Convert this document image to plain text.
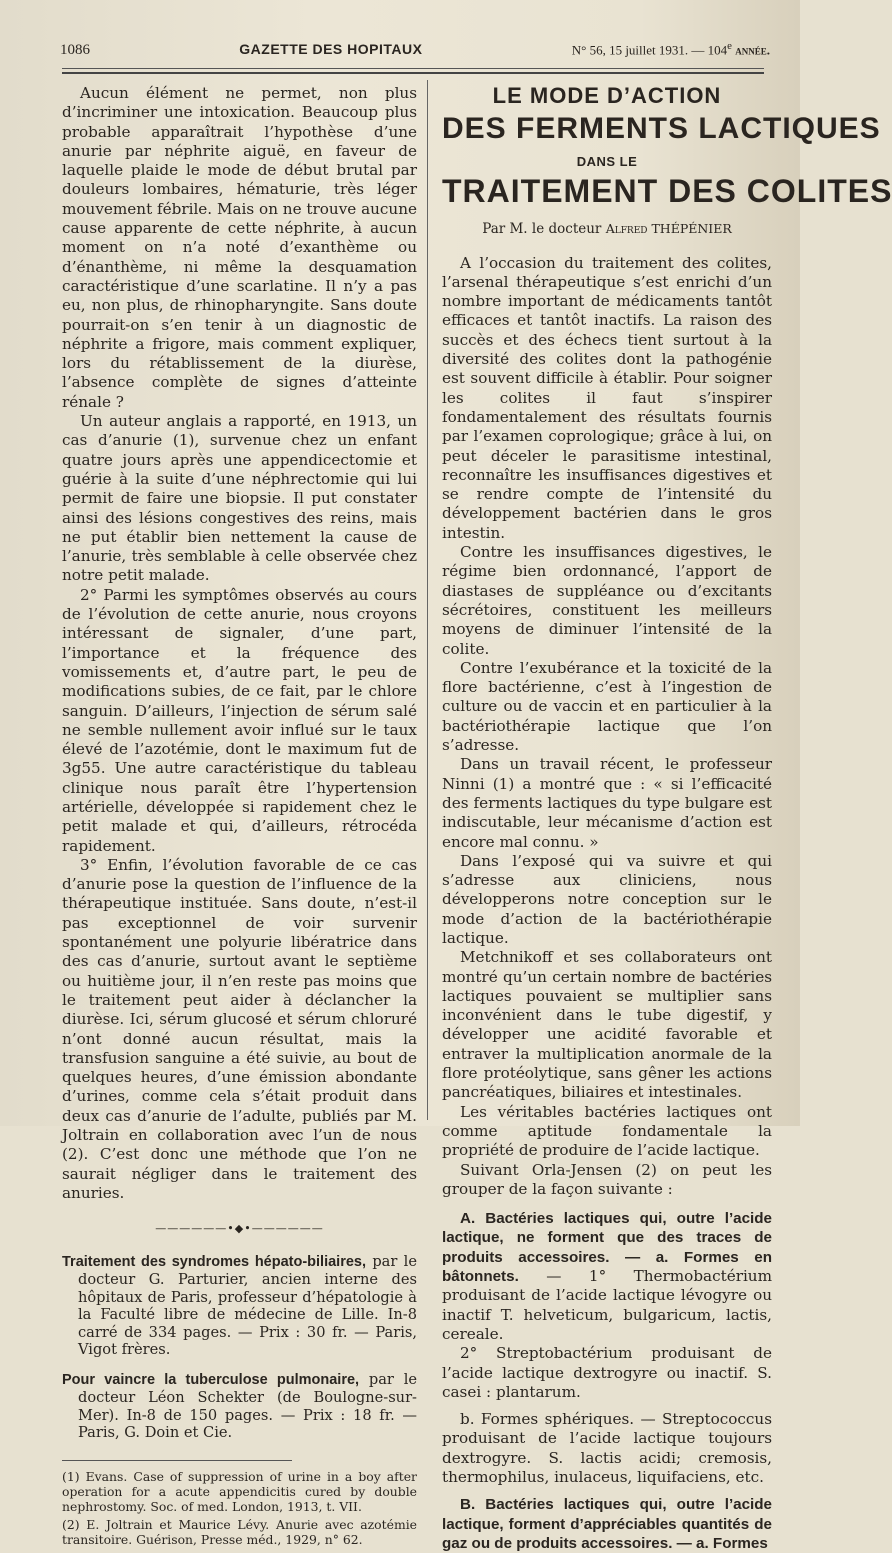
1086	GAZETTE DES HOPITAUX	N° 56, 15 juillet 1931. — 104e année.

Aucun élément ne permet, non plus d’incriminer une intoxication. Beaucoup plus probable apparaîtrait l’hypothèse d’une anurie par néphrite aiguë, en faveur de laquelle plaide le mode de début brutal par douleurs lombaires, hématurie, très léger mouvement fébrile. Mais on ne trouve aucune cause apparente de cette néphrite, à aucun moment on n’a noté d’exanthème ou d’énanthème, ni même la desquamation caractéristique d’une scarlatine. Il n’y a pas eu, non plus, de rhinopharyngite. Sans doute pourrait-on s’en tenir à un diagnostic de néphrite a frigore, mais comment expliquer, lors du rétablissement de la diurèse, l’absence complète de signes d’atteinte rénale ?

Un auteur anglais a rapporté, en 1913, un cas d’anurie (1), survenue chez un enfant quatre jours après une appendicectomie et guérie à la suite d’une néphrectomie qui lui permit de faire une biopsie. Il put constater ainsi des lésions congestives des reins, mais ne put établir bien nettement la cause de l’anurie, très semblable à celle observée chez notre petit malade.

2° Parmi les symptômes observés au cours de l’évolution de cette anurie, nous croyons intéressant de signaler, d’une part, l’importance et la fréquence des vomissements et, d’autre part, le peu de modifications subies, de ce fait, par le chlore sanguin. D’ailleurs, l’injection de sérum salé ne semble nullement avoir influé sur le taux élevé de l’azotémie, dont le maximum fut de 3g55. Une autre caractéristique du tableau clinique nous paraît être l’hypertension artérielle, développée si rapidement chez le petit malade et qui, d’ailleurs, rétrocéda rapidement.

3° Enfin, l’évolution favorable de ce cas d’anurie pose la question de l’influence de la thérapeutique instituée. Sans doute, n’est-il pas exceptionnel de voir survenir spontanément une polyurie libératrice dans des cas d’anurie, surtout avant le septième ou huitième jour, il n’en reste pas moins que le traitement peut aider à déclancher la diurèse. Ici, sérum glucosé et sérum chloruré n’ont donné aucun résultat, mais la transfusion sanguine a été suivie, au bout de quelques heures, d’une émission abondante d’urines, comme cela s’était produit dans deux cas d’anurie de l’adulte, publiés par M. Joltrain en collaboration avec l’un de nous (2). C’est donc une méthode que l’on ne saurait négliger dans le traitement des anuries.

——————•◆•——————

Traitement des syndromes hépato-biliaires, par le docteur G. Parturier, ancien interne des hôpitaux de Paris, professeur d’hépatologie à la Faculté libre de médecine de Lille. In-8 carré de 334 pages. — Prix : 30 fr. — Paris, Vigot frères.

Pour vaincre la tuberculose pulmonaire, par le docteur Léon Schekter (de Boulogne-sur-Mer). In-8 de 150 pages. — Prix : 18 fr. — Paris, G. Doin et Cie.

(1) Evans. Case of suppression of urine in a boy after operation for a acute appendicitis cured by double nephrostomy. Soc. of med. London, 1913, t. VII.

(2) E. Joltrain et Maurice Lévy. Anurie avec azotémie transitoire. Guérison, Presse méd., 1929, n° 62.

LE MODE D’ACTION
DES FERMENTS LACTIQUES
DANS LE
TRAITEMENT DES COLITES
Par M. le docteur Alfred THÉPÉNIER

A l’occasion du traitement des colites, l’arsenal thérapeutique s’est enrichi d’un nombre important de médicaments tantôt efficaces et tantôt inactifs. La raison des succès et des échecs tient surtout à la diversité des colites dont la pathogénie est souvent difficile à établir. Pour soigner les colites il faut s’inspirer fondamentalement des résultats fournis par l’examen coprologique; grâce à lui, on peut déceler le parasitisme intestinal, reconnaître les insuffisances digestives et se rendre compte de l’intensité du développement bactérien dans le gros intestin.

Contre les insuffisances digestives, le régime bien ordonnancé, l’apport de diastases de suppléance ou d’excitants sécrétoires, constituent les meilleurs moyens de diminuer l’intensité de la colite.

Contre l’exubérance et la toxicité de la flore bactérienne, c’est à l’ingestion de culture ou de vaccin et en particulier à la bactériothérapie lactique que l’on s’adresse.

Dans un travail récent, le professeur Ninni (1) a montré que : « si l’efficacité des ferments lactiques du type bulgare est indiscutable, leur mécanisme d’action est encore mal connu. »

Dans l’exposé qui va suivre et qui s’adresse aux cliniciens, nous développerons notre conception sur le mode d’action de la bactériothérapie lactique.

Metchnikoff et ses collaborateurs ont montré qu’un certain nombre de bactéries lactiques pouvaient se multiplier sans inconvénient dans le tube digestif, y développer une acidité favorable et entraver la multiplication anormale de la flore protéolytique, sans gêner les actions pancréatiques, biliaires et intestinales.

Les véritables bactéries lactiques ont comme aptitude fondamentale la propriété de produire de l’acide lactique.

Suivant Orla-Jensen (2) on peut les grouper de la façon suivante :

A. Bactéries lactiques qui, outre l’acide lactique, ne forment que des traces de produits accessoires. — a. Formes en bâtonnets. — 1° Thermobactérium produisant de l’acide lactique lévogyre ou inactif T. helveticum, bulgaricum, lactis, cereale.

2° Streptobactérium produisant de l’acide lactique dextrogyre ou inactif. S. casei : plantarum.

b. Formes sphériques. — Streptococcus produisant de l’acide lactique toujours dextrogyre. S. lactis acidi; cremosis, thermophilus, inulaceus, liquifaciens, etc.

B. Bactéries lactiques qui, outre l’acide lactique, forment d’appréciables quantités de gaz ou de produits accessoires. — a. Formes
